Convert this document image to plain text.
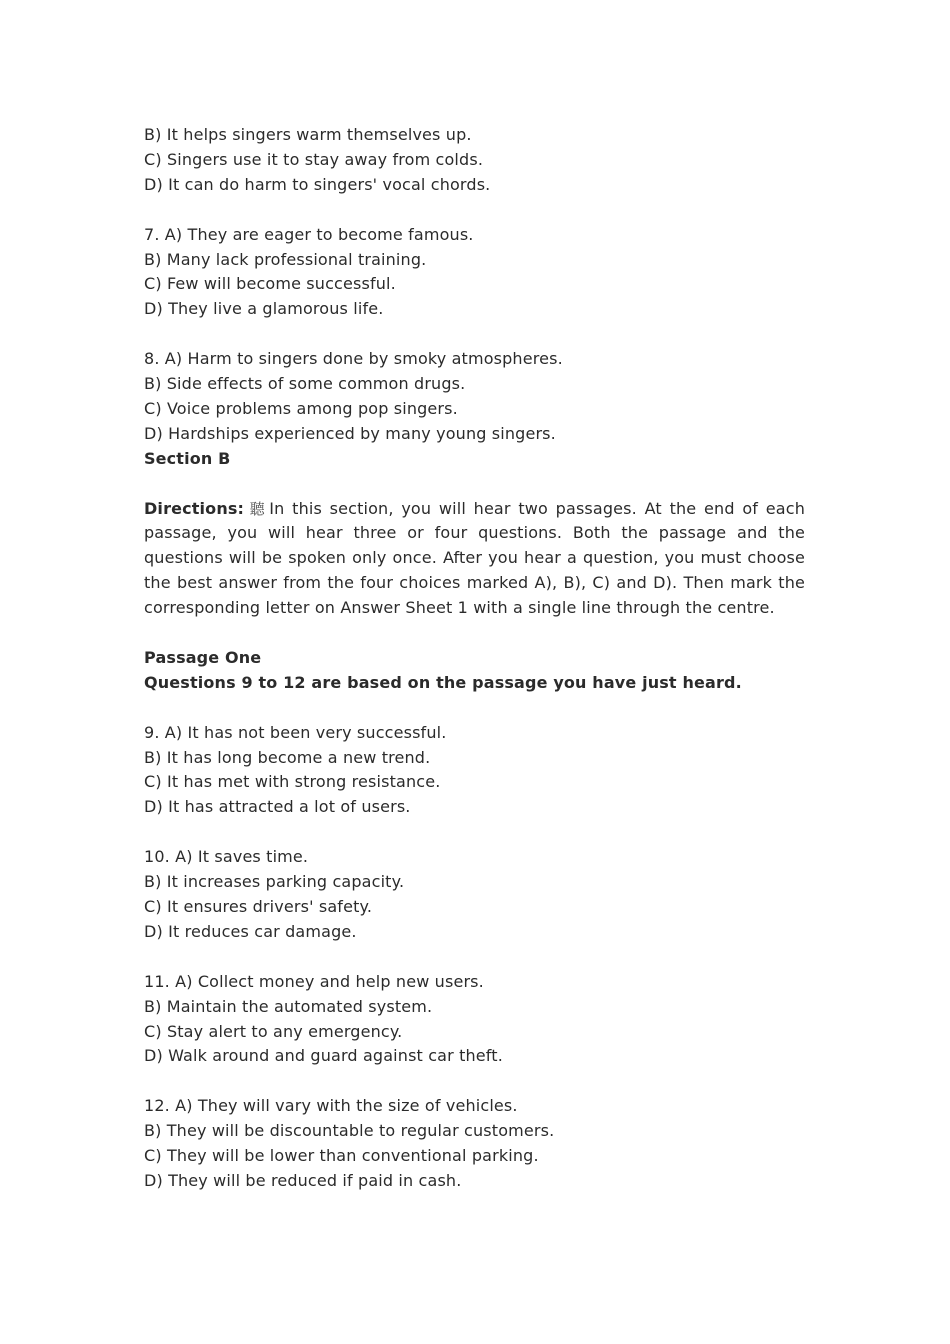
B) It helps singers warm themselves up.
C) Singers use it to stay away from colds.
D) It can do harm to singers' vocal chords.
7. A) They are eager to become famous.
B) Many lack professional training.
C) Few will become successful.
D) They live a glamorous life.
8. A) Harm to singers done by smoky atmospheres.
B) Side effects of some common drugs.
C) Voice problems among pop singers.
D) Hardships experienced by many young singers.
Section B
Directions: 聽 In this section, you will hear two passages. At the end of each passage, you will hear three or four questions. Both the passage and the questions will be spoken only once. After you hear a question, you must choose the best answer from the four choices marked A), B), C) and D). Then mark the corresponding letter on Answer Sheet 1 with a single line through the centre.
Passage One
Questions 9 to 12 are based on the passage you have just heard.
9. A) It has not been very successful.
B) It has long become a new trend.
C) It has met with strong resistance.
D) It has attracted a lot of users.
10. A) It saves time.
B) It increases parking capacity.
C) It ensures drivers' safety.
D) It reduces car damage.
11. A) Collect money and help new users.
B) Maintain the automated system.
C) Stay alert to any emergency.
D) Walk around and guard against car theft.
12. A) They will vary with the size of vehicles.
B) They will be discountable to regular customers.
C) They will be lower than conventional parking.
D) They will be reduced if paid in cash.
